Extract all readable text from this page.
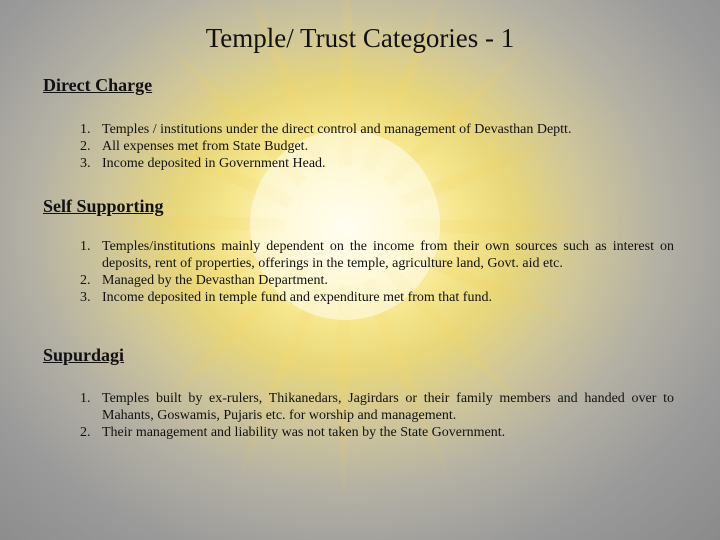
Temple/ Trust Categories - 1
Direct Charge
1. Temples / institutions under the direct control and management of Devasthan Deptt.
2. All expenses met from State Budget.
3. Income deposited in Government Head.
Self Supporting
1. Temples/institutions mainly dependent on the income from their own sources such as interest on deposits, rent of properties, offerings in the temple, agriculture land, Govt. aid etc.
2. Managed by the Devasthan Department.
3. Income deposited in temple fund and expenditure met from that fund.
Supurdagi
1. Temples built by ex-rulers, Thikanedars, Jagirdars or their family members and handed over to Mahants, Goswamis, Pujaris etc. for worship and management.
2. Their management and liability was not taken by the State Government.
